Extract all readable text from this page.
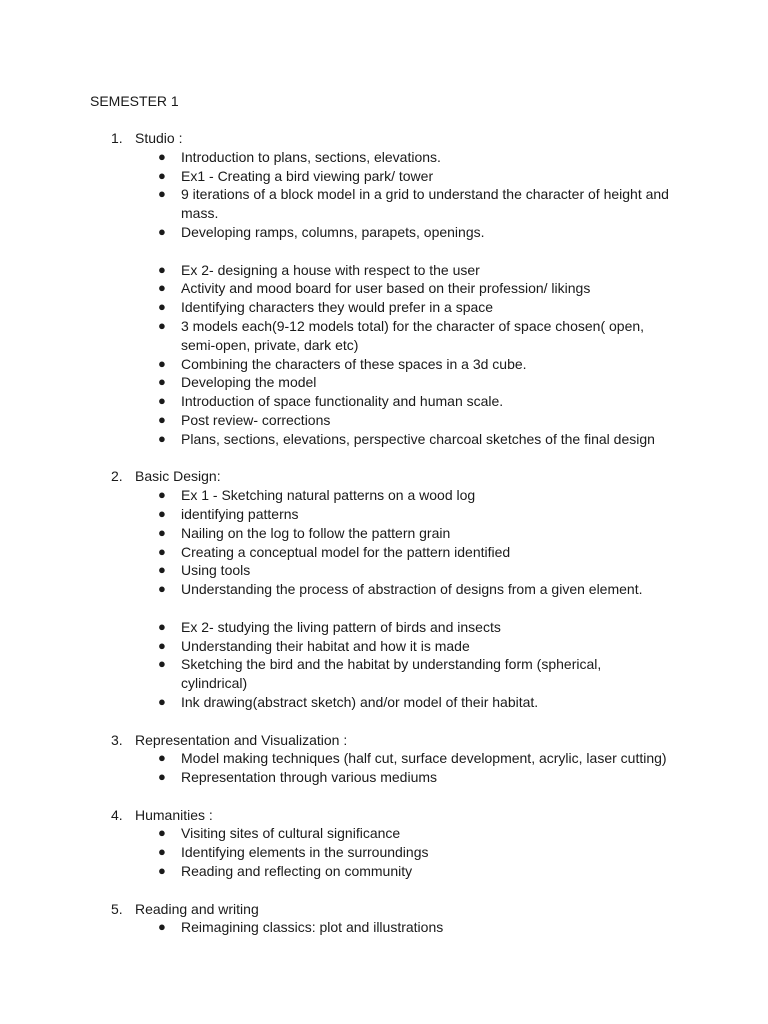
SEMESTER 1
1. Studio :
● Introduction to plans, sections, elevations.
● Ex1 - Creating a bird viewing park/ tower
● 9 iterations of a block model in a grid to understand the character of height and mass.
● Developing ramps, columns, parapets, openings.
● Ex 2- designing a house with respect to the user
● Activity and mood board for user based on their profession/ likings
● Identifying characters they would prefer in a space
● 3 models each(9-12 models total) for the character of space chosen( open, semi-open, private, dark etc)
● Combining the characters of these spaces in a 3d cube.
● Developing the model
● Introduction of space functionality and human scale.
● Post review- corrections
● Plans, sections, elevations, perspective charcoal sketches of the final design
2. Basic Design:
● Ex 1 - Sketching natural patterns on a wood log
● identifying patterns
● Nailing on the log to follow the pattern grain
● Creating a conceptual model for the pattern identified
● Using tools
● Understanding the process of abstraction of designs from a given element.
● Ex 2- studying the living pattern of birds and insects
● Understanding their habitat and how it is made
● Sketching the bird and the habitat by understanding form (spherical, cylindrical)
● Ink drawing(abstract sketch) and/or model of their habitat.
3. Representation and Visualization :
● Model making techniques (half cut, surface development, acrylic, laser cutting)
● Representation through various mediums
4. Humanities :
● Visiting sites of cultural significance
● Identifying elements in the surroundings
● Reading and reflecting on community
5. Reading and writing
● Reimagining classics: plot and illustrations
